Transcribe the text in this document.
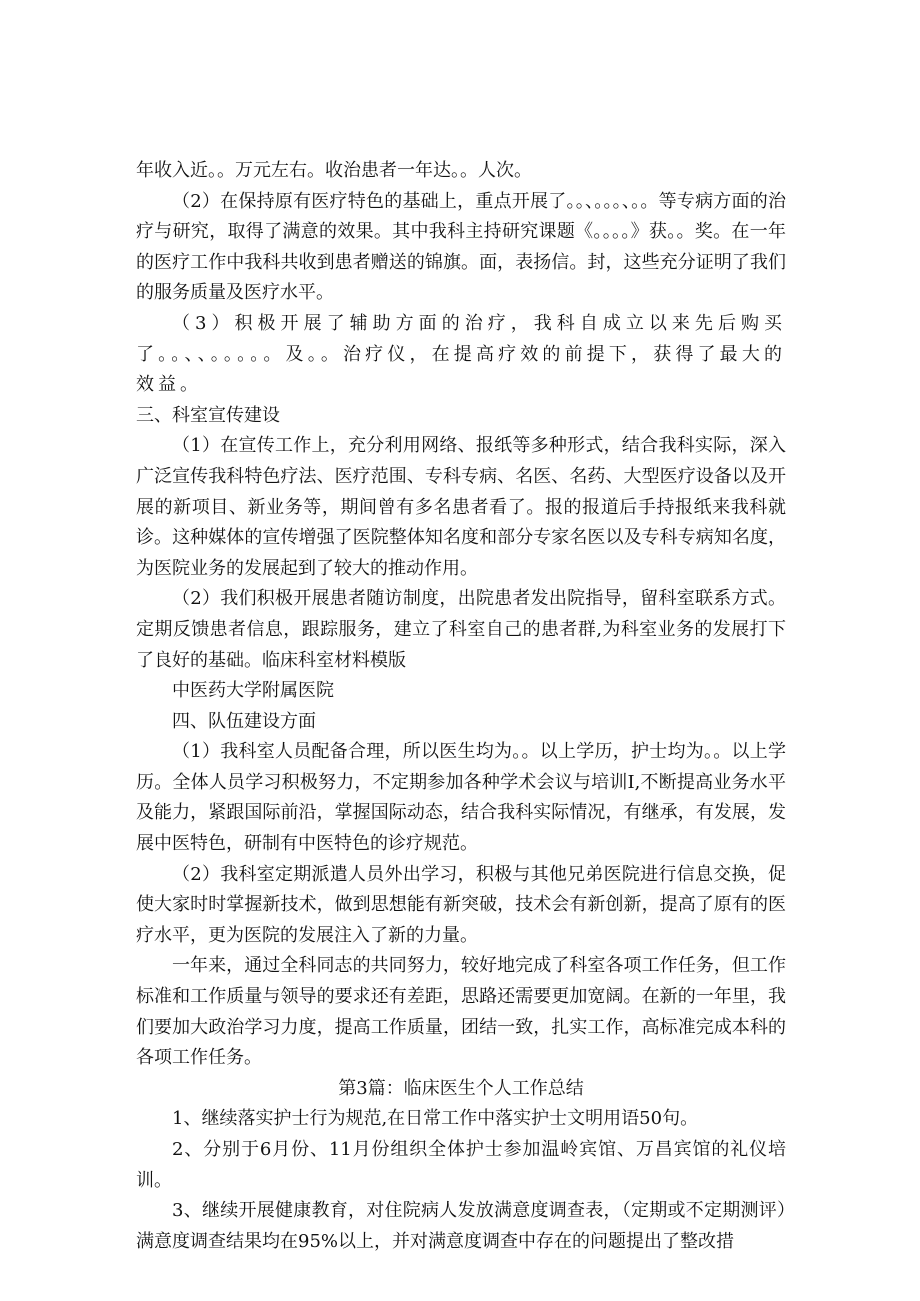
年收入近。。万元左右。收治患者一年达。。人次。

（2）在保持原有医疗特色的基础上，重点开展了。。、。。。、。。等专病方面的治疗与研究，取得了满意的效果。其中我科主持研究课题《。。。。》获。。奖。在一年的医疗工作中我科共收到患者赠送的锦旗。面，表扬信。封，这些充分证明了我们的服务质量及医疗水平。

（3）积极开展了辅助方面的治疗，我科自成立以来先后购买了。。、、。。。。。及。。治疗仪，在提高疗效的前提下，获得了最大的效益。

三、科室宣传建设

（1）在宣传工作上，充分利用网络、报纸等多种形式，结合我科实际，深入广泛宣传我科特色疗法、医疗范围、专科专病、名医、名药、大型医疗设备以及开展的新项目、新业务等，期间曾有多名患者看了。报的报道后手持报纸来我科就诊。这种媒体的宣传增强了医院整体知名度和部分专家名医以及专科专病知名度，为医院业务的发展起到了较大的推动作用。

（2）我们积极开展患者随访制度，出院患者发出院指导，留科室联系方式。定期反馈患者信息，跟踪服务，建立了科室自己的患者群,为科室业务的发展打下了良好的基础。临床科室材料模版

中医药大学附属医院

四、队伍建设方面

（1）我科室人员配备合理，所以医生均为。。以上学历，护士均为。。以上学历。全体人员学习积极努力，不定期参加各种学术会议与培训I,不断提高业务水平及能力，紧跟国际前沿，掌握国际动态，结合我科实际情况，有继承，有发展，发展中医特色，研制有中医特色的诊疗规范。

（2）我科室定期派遣人员外出学习，积极与其他兄弟医院进行信息交换，促使大家时时掌握新技术，做到思想能有新突破，技术会有新创新，提高了原有的医疗水平，更为医院的发展注入了新的力量。

一年来，通过全科同志的共同努力，较好地完成了科室各项工作任务，但工作标准和工作质量与领导的要求还有差距，思路还需要更加宽阔。在新的一年里，我们要加大政治学习力度，提高工作质量，团结一致，扎实工作，高标准完成本科的各项工作任务。

第3篇：临床医生个人工作总结

1、继续落实护士行为规范,在日常工作中落实护士文明用语50句。

2、分别于6月份、11月份组织全体护士参加温岭宾馆、万昌宾馆的礼仪培训。

3、继续开展健康教育，对住院病人发放满意度调查表，（定期或不定期测评）满意度调查结果均在95%以上，并对满意度调查中存在的问题提出了整改措
